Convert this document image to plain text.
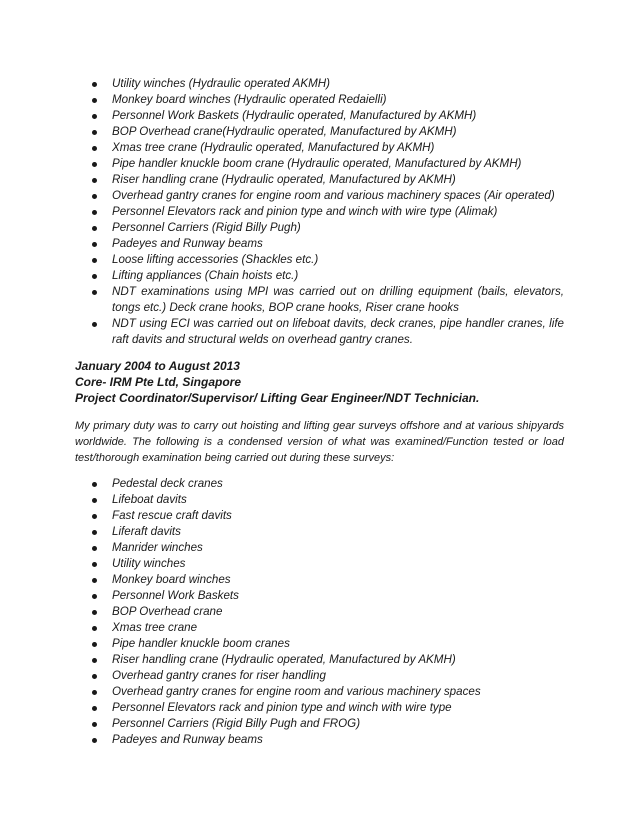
Utility winches (Hydraulic operated AKMH)
Monkey board winches (Hydraulic operated Redaielli)
Personnel Work Baskets (Hydraulic operated, Manufactured by AKMH)
BOP Overhead crane(Hydraulic operated, Manufactured by AKMH)
Xmas tree crane (Hydraulic operated, Manufactured by AKMH)
Pipe handler knuckle boom crane (Hydraulic operated, Manufactured by AKMH)
Riser handling crane (Hydraulic operated, Manufactured by AKMH)
Overhead gantry cranes for engine room and various machinery spaces (Air operated)
Personnel Elevators rack and pinion type and winch with wire type (Alimak)
Personnel Carriers (Rigid Billy Pugh)
Padeyes and Runway beams
Loose lifting accessories (Shackles etc.)
Lifting appliances (Chain hoists etc.)
NDT examinations using MPI was carried out on drilling equipment (bails, elevators, tongs etc.) Deck crane hooks, BOP crane hooks, Riser crane hooks
NDT using ECI was carried out on lifeboat davits, deck cranes, pipe handler cranes, life raft davits and structural welds on overhead gantry cranes.
January 2004 to August 2013
Core- IRM Pte Ltd, Singapore
Project Coordinator/Supervisor/ Lifting Gear Engineer/NDT Technician.

My primary duty was to carry out hoisting and lifting gear surveys offshore and at various shipyards worldwide. The following is a condensed version of what was examined/Function tested or load test/thorough examination being carried out during these surveys:

Pedestal deck cranes
Lifeboat davits
Fast rescue craft davits
Liferaft davits
Manrider winches
Utility winches
Monkey board winches
Personnel Work Baskets
BOP Overhead crane
Xmas tree crane
Pipe handler knuckle boom cranes
Riser handling crane (Hydraulic operated, Manufactured by AKMH)
Overhead gantry cranes for riser handling
Overhead gantry cranes for engine room and various machinery spaces
Personnel Elevators rack and pinion type and winch with wire type
Personnel Carriers (Rigid Billy Pugh and FROG)
Padeyes and Runway beams
